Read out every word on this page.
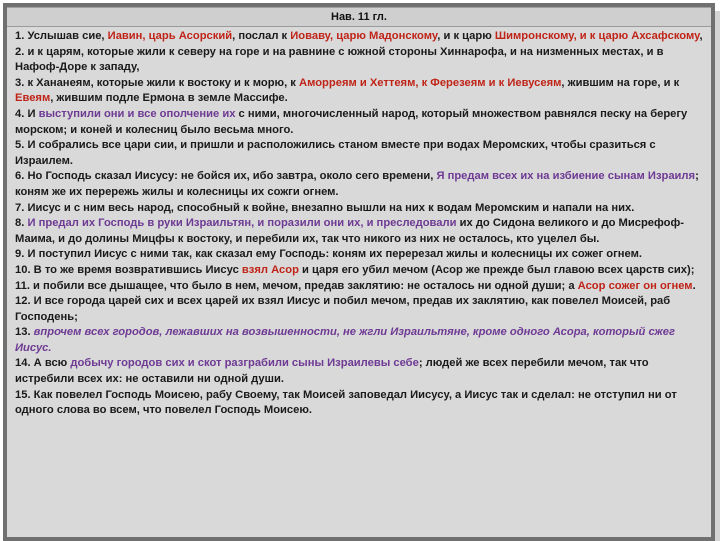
Нав. 11 гл.

1. Услышав сие, Иавин, царь Асорский, послал к Иоваву, царю Мадонскому, и к царю Шимронскому, и к царю Ахсафскому,

2. и к царям, которые жили к северу на горе и на равнине с южной стороны Хиннарофа, и на низменных местах, и в Нафоф-Доре к западу,

3. к Хананеям, которые жили к востоку и к морю, к Аморреям и Хеттеям, к Ферезеям и к Иевусеям, жившим на горе, и к Евеям, жившим подле Ермона в земле Массифе.

4. И выступили они и все ополчение их с ними, многочисленный народ, который множеством равнялся песку на берегу морском; и коней и колесниц было весьма много.

5. И собрались все цари сии, и пришли и расположились станом вместе при водах Меромских, чтобы сразиться с Израилем.

6. Но Господь сказал Иисусу: не бойся их, ибо завтра, около сего времени, Я предам всех их на избиение сынам Израиля; коням же их перережь жилы и колесницы их сожги огнем.

7. Иисус и с ним весь народ, способный к войне, внезапно вышли на них к водам Меромским и напали на них.

8. И предал их Господь в руки Израильтян, и поразили они их, и преследовали их до Сидона великого и до Мисрефоф-Маима, и до долины Мицфы к востоку, и перебили их, так что никого из них не осталось, кто уцелел бы.

9. И поступил Иисус с ними так, как сказал ему Господь: коням их перерезал жилы и колесницы их сожег огнем.

10. В то же время возвратившись Иисус взял Асор и царя его убил мечом (Асор же прежде был главою всех царств сих);

11. и побили все дышащее, что было в нем, мечом, предав заклятию: не осталось ни одной души; а Асор сожег он огнем.

12. И все города царей сих и всех царей их взял Иисус и побил мечом, предав их заклятию, как повелел Моисей, раб Господень;

13. впрочем всех городов, лежавших на возвышенности, не жгли Израильтяне, кроме одного Асора, который сжег Иисус.

14. А всю добычу городов сих и скот разграбили сыны Израилевы себе; людей же всех перебили мечом, так что истребили всех их: не оставили ни одной души.

15. Как повелел Господь Моисею, рабу Своему, так Моисей заповедал Иисусу, а Иисус так и сделал: не отступил ни от одного слова во всем, что повелел Господь Моисею.
